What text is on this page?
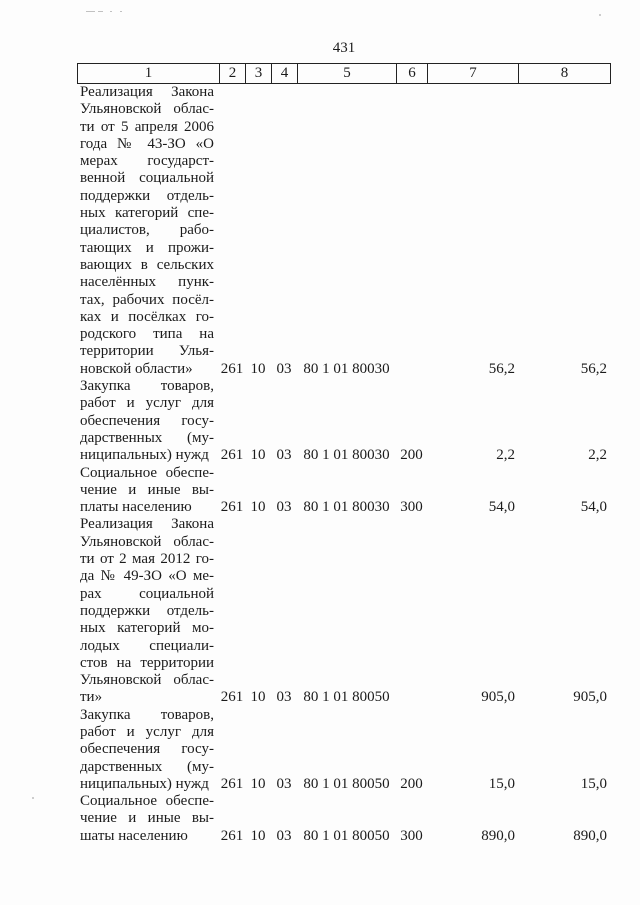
431
1	2	3	4	5	6	7	8
Реализация Закона
Ульяновской облас-
ти от 5 апреля 2006
года № 43-ЗО «О
мерах государст-
венной социальной
поддержки отдель-
ных категорий спе-
циалистов, рабо-
тающих и прожи-
вающих в сельских
населённых пунк-
тах, рабочих посёл-
ках и посёлках го-
родского типа на
территории Улья-
новской области»	261 10 03 80 1 01 80030	56,2	56,2
Закупка товаров,
работ и услуг для
обеспечения госу-
дарственных (му-
ниципальных) нужд 261 10 03 80 1 01 80030 200	2,2	2,2
Социальное обеспе-
чение и иные вы-
платы населению	261 10 03 80 1 01 80030 300	54,0	54,0
Реализация Закона
Ульяновской облас-
ти от 2 мая 2012 го-
да № 49-ЗО «О ме-
рах социальной
поддержки отдель-
ных категорий мо-
лодых специали-
стов на территории
Ульяновской облас-
ти»	261 10 03 80 1 01 80050	905,0	905,0
Закупка товаров,
работ и услуг для
обеспечения госу-
дарственных (му-
ниципальных) нужд 261 10 03 80 1 01 80050 200	15,0	15,0
Социальное обеспе-
чение и иные вы-
шаты населению	261 10 03 80 1 01 80050 300	890,0	890,0
